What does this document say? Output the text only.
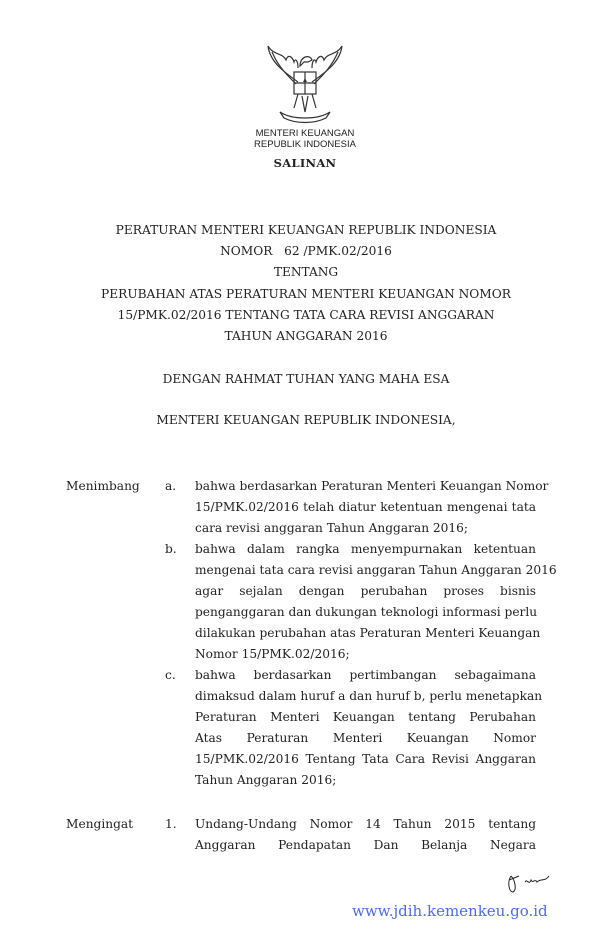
MENTERI KEUANGAN
REPUBLIK INDONESIA
SALINAN
PERATURAN MENTERI KEUANGAN REPUBLIK INDONESIA
NOMOR   62 /PMK.02/2016
TENTANG
PERUBAHAN ATAS PERATURAN MENTERI KEUANGAN NOMOR
15/PMK.02/2016 TENTANG TATA CARA REVISI ANGGARAN
TAHUN ANGGARAN 2016
DENGAN RAHMAT TUHAN YANG MAHA ESA
MENTERI KEUANGAN REPUBLIK INDONESIA,
Menimbang a. bahwa berdasarkan Peraturan Menteri Keuangan Nomor
15/PMK.02/2016 telah diatur ketentuan mengenai tata
cara revisi anggaran Tahun Anggaran 2016;
b. bahwa dalam rangka menyempurnakan ketentuan
mengenai tata cara revisi anggaran Tahun Anggaran 2016
agar sejalan dengan perubahan proses bisnis
penganggaran dan dukungan teknologi informasi perlu
dilakukan perubahan atas Peraturan Menteri Keuangan
Nomor 15/PMK.02/2016;
c. bahwa berdasarkan pertimbangan sebagaimana
dimaksud dalam huruf a dan huruf b, perlu menetapkan
Peraturan Menteri Keuangan tentang Perubahan
Atas Peraturan Menteri Keuangan Nomor
15/PMK.02/2016 Tentang Tata Cara Revisi Anggaran
Tahun Anggaran 2016;
Mengingat	1. Undang-Undang Nomor 14 Tahun 2015 tentang
Anggaran Pendapatan Dan Belanja Negara
www.jdih.kemenkeu.go.id
